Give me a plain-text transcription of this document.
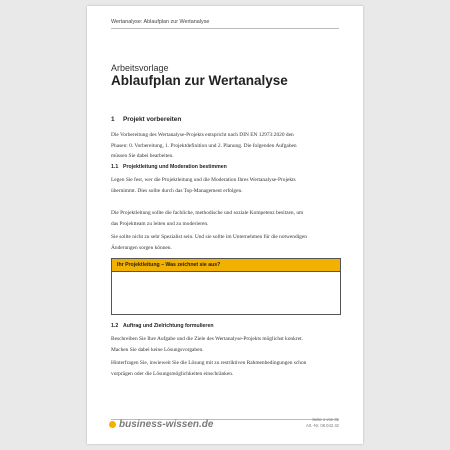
Wertanalyse: Ablaufplan zur Wertanalyse
Arbeitsvorlage
Ablaufplan zur Wertanalyse
1 Projekt vorbereiten
Die Vorbereitung des Wertanalyse-Projekts entspricht nach DIN EN 12973:2020 den Phasen: 0. Vorbereitung, 1. Projektdefinition und 2. Planung. Die folgenden Aufgaben müssen Sie dabei bearbeiten.
1.1 Projektleitung und Moderation bestimmen
Legen Sie fest, wer die Projektleitung und die Moderation Ihres Wertanalyse-Projekts übernimmt. Dies sollte durch das Top-Management erfolgen.
Die Projektleitung sollte die fachliche, methodische und soziale Kompetenz besitzen, um das Projektteam zu leiten und zu moderieren.
Sie sollte nicht zu sehr Spezialist sein. Und sie sollte im Unternehmen für die notwendigen Änderungen sorgen können.
Ihr Projektleitung – Was zeichnet sie aus?
1.2 Auftrag und Zielrichtung formulieren
Beschreiben Sie Ihre Aufgabe und die Ziele des Wertanalyse-Projekts möglichst konkret. Machen Sie dabei keine Lösungsvorgaben.
Hinterfragen Sie, inwieweit Sie die Lösung mit zu restriktiven Rahmenbedingungen schon vorprägen oder die Lösungsmöglichkeiten einschränken.
business-wissen.de	Seite 1 von 31
Art.-Nr. 08.042.32
